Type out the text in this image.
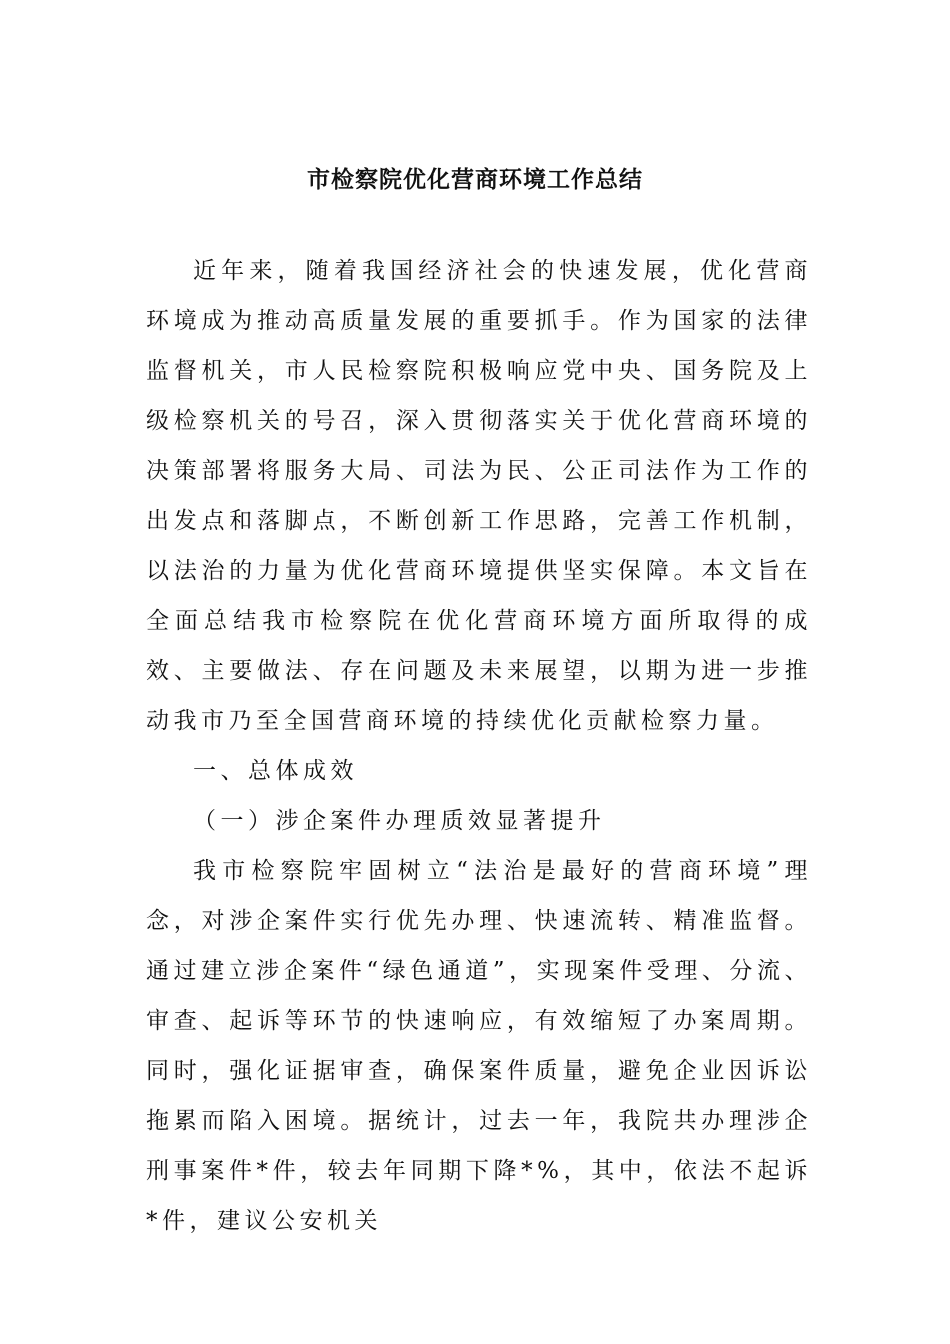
市检察院优化营商环境工作总结

近年来，随着我国经济社会的快速发展，优化营商环境成为推动高质量发展的重要抓手。作为国家的法律监督机关，市人民检察院积极响应党中央、国务院及上级检察机关的号召，深入贯彻落实关于优化营商环境的决策部署将服务大局、司法为民、公正司法作为工作的出发点和落脚点，不断创新工作思路，完善工作机制，以法治的力量为优化营商环境提供坚实保障。本文旨在全面总结我市检察院在优化营商环境方面所取得的成效、主要做法、存在问题及未来展望，以期为进一步推动我市乃至全国营商环境的持续优化贡献检察力量。

一、总体成效

（一）涉企案件办理质效显著提升

我市检察院牢固树立“法治是最好的营商环境”理念，对涉企案件实行优先办理、快速流转、精准监督。通过建立涉企案件“绿色通道”，实现案件受理、分流、审查、起诉等环节的快速响应，有效缩短了办案周期。同时，强化证据审查，确保案件质量，避免企业因诉讼拖累而陷入困境。据统计，过去一年，我院共办理涉企刑事案件*件，较去年同期下降*%，其中，依法不起诉*件，建议公安机关
